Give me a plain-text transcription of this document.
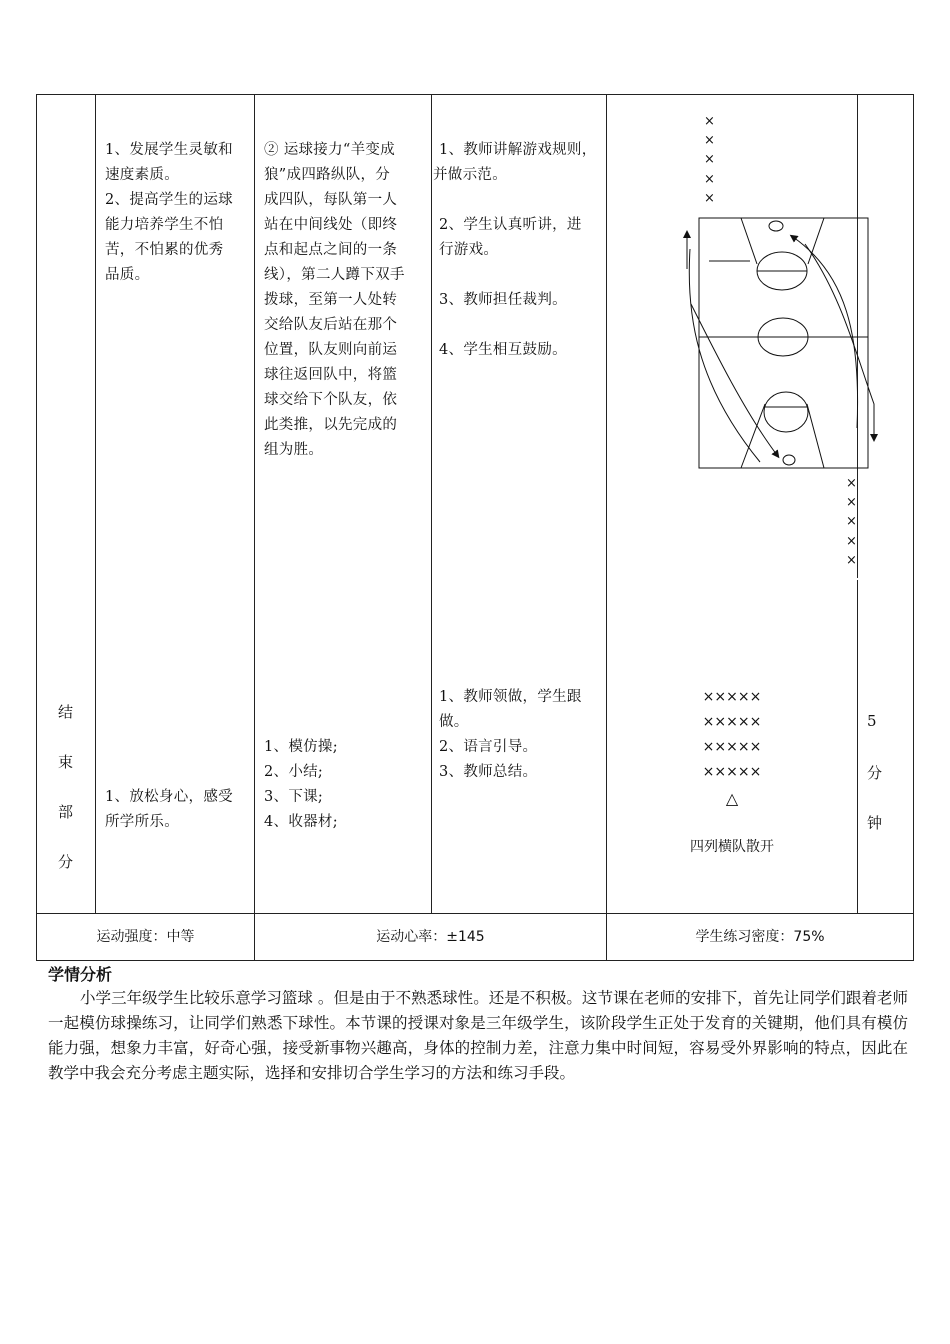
1、发展学生灵敏和
速度素质。
2、提高学生的运球
能力培养学生不怕
苦，不怕累的优秀
品质。
1、放松身心，感受
所学所乐。
② 运球接力“羊变成
狼”成四路纵队，分
成四队，每队第一人
站在中间线处（即终
点和起点之间的一条
线），第二人蹲下双手
拨球，至第一人处转
交给队友后站在那个
位置，队友则向前运
球往返回队中，将篮
球交给下个队友，依
此类推，以先完成的
组为胜。
1、模仿操;
2、小结;
3、下课;
4、收器材;
1、教师讲解游戏规则，
并做示范。
2、学生认真听讲，进
行游戏。
3、教师担任裁判。
4、学生相互鼓励。
1、教师领做，学生跟
做。
2、语言引导。
3、教师总结。
×
×
×
×
×
×
×
×
×
×
×××××
×××××
×××××
×××××
△
四列横队散开
结
束
部
分
5
分
钟
运动强度：中等	运动心率：±145	学生练习密度：75%
学情分析
小学三年级学生比较乐意学习篮球 。但是由于不熟悉球性。还是不积极。这节课在老师的安排下，首先让同学们跟着老师一起模仿球操练习，让同学们熟悉下球性。本节课的授课对象是三年级学生，该阶段学生正处于发育的关键期，他们具有模仿能力强，想象力丰富，好奇心强，接受新事物兴趣高，身体的控制力差，注意力集中时间短，容易受外界影响的特点，因此在教学中我会充分考虑主题实际，选择和安排切合学生学习的方法和练习手段。
